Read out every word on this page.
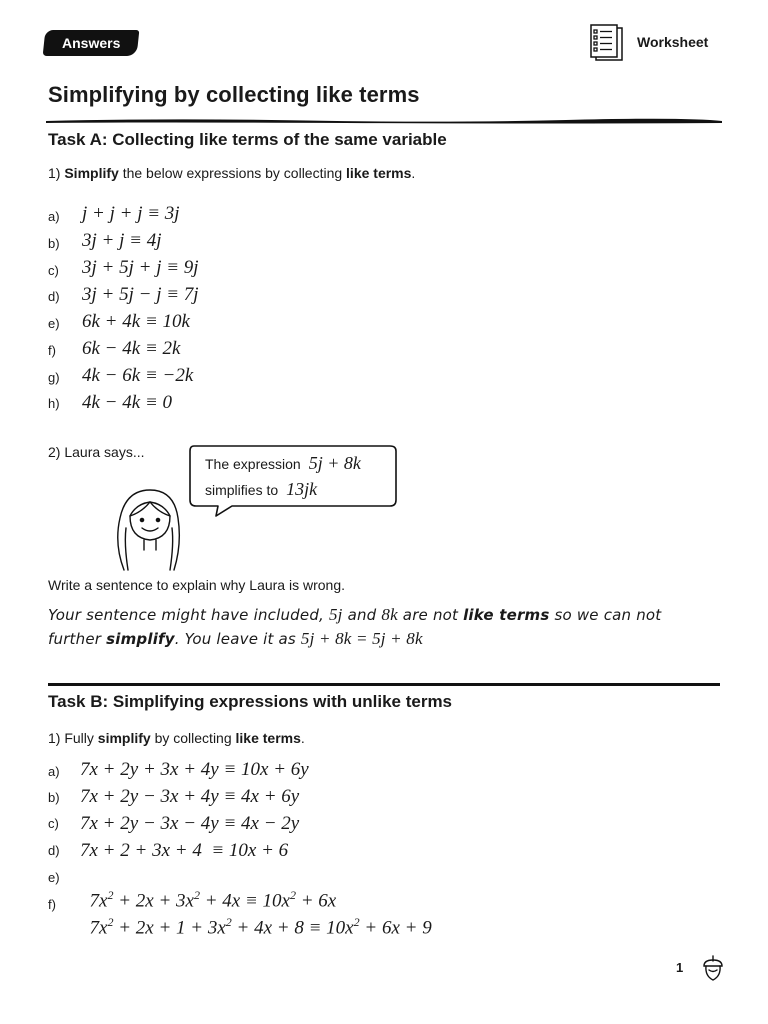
Answers	Worksheet
Simplifying by collecting like terms
Task A: Collecting like terms of the same variable
1) Simplify the below expressions by collecting like terms.
a) j + j + j ≡ 3j
b) 3j + j ≡ 4j
c) 3j + 5j + j ≡ 9j
d) 3j + 5j − j ≡ 7j
e) 6k + 4k ≡ 10k
f) 6k − 4k ≡ 2k
g) 4k − 6k ≡ −2k
h) 4k − 4k ≡ 0
2) Laura says...
The expression 5j + 8k
simplifies to 13jk
Write a sentence to explain why Laura is wrong.
Your sentence might have included, 5j and 8k are not like terms so we can not
further simplify. You leave it as 5j + 8k = 5j + 8k
Task B: Simplifying expressions with unlike terms
1) Fully simplify by collecting like terms.
a) 7x + 2y + 3x + 4y ≡ 10x + 6y
b) 7x + 2y − 3x + 4y ≡ 4x + 6y
c) 7x + 2y − 3x − 4y ≡ 4x − 2y
d) 7x + 2 + 3x + 4  ≡ 10x + 6
e)

$7x^2 + 2x + 3x^2 + 4x \equiv 10x^2 + 6x$

f)

$7x^2 + 2x + 1 + 3x^2 + 4x + 8 \equiv 10x^2 + 6x + 9$

1
